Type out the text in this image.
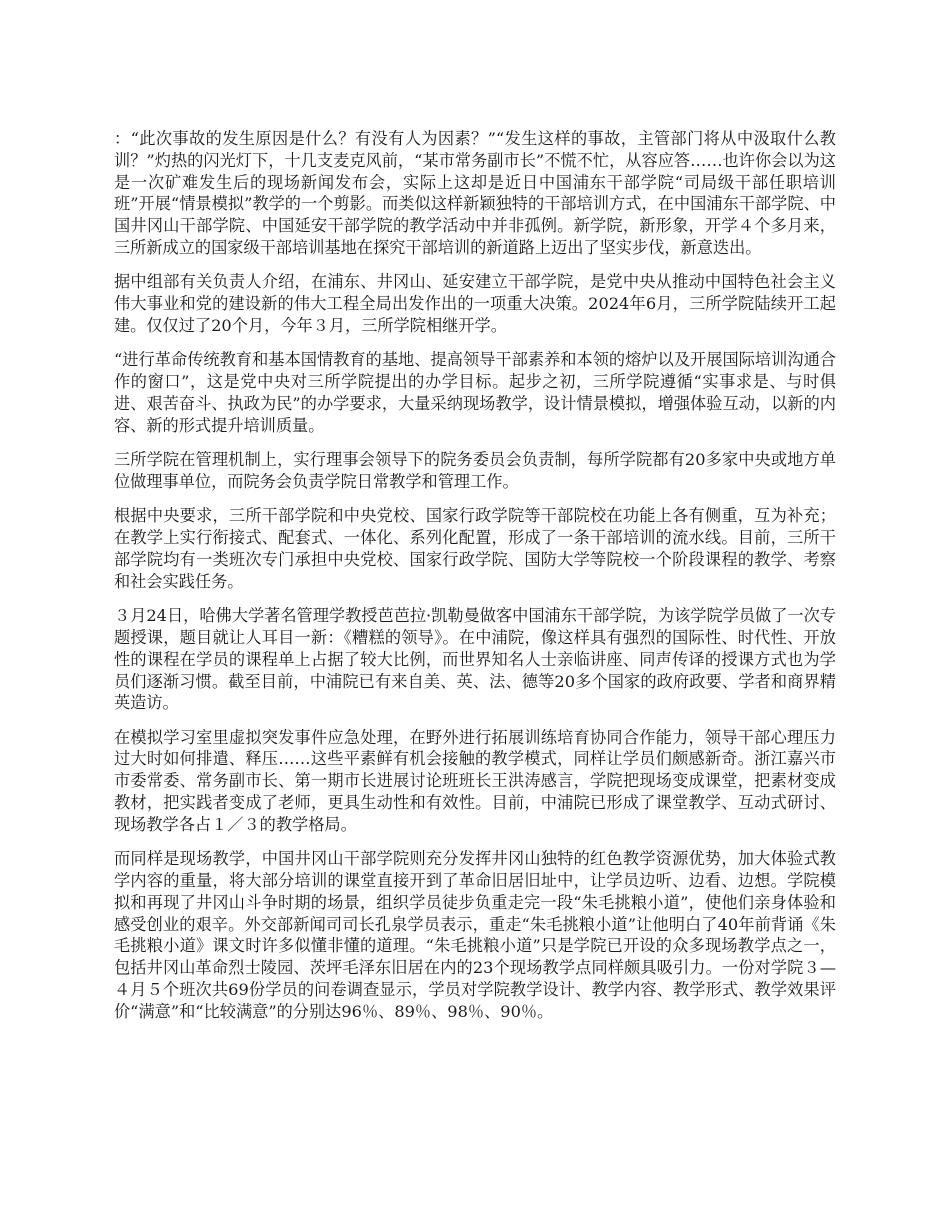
：“此次事故的发生原因是什么？有没有人为因素？”“发生这样的事故，主管部门将从中汲取什么教训？”灼热的闪光灯下，十几支麦克风前，“某市常务副市长”不慌不忙，从容应答……也许你会以为这是一次矿难发生后的现场新闻发布会，实际上这却是近日中国浦东干部学院“司局级干部任职培训班”开展“情景模拟”教学的一个剪影。而类似这样新颖独特的干部培训方式，在中国浦东干部学院、中国井冈山干部学院、中国延安干部学院的教学活动中并非孤例。新学院，新形象，开学４个多月来，三所新成立的国家级干部培训基地在探究干部培训的新道路上迈出了坚实步伐，新意迭出。

据中组部有关负责人介绍，在浦东、井冈山、延安建立干部学院，是党中央从推动中国特色社会主义伟大事业和党的建设新的伟大工程全局出发作出的一项重大决策。2024年6月，三所学院陆续开工起建。仅仅过了20个月，今年３月，三所学院相继开学。

“进行革命传统教育和基本国情教育的基地、提高领导干部素养和本领的熔炉以及开展国际培训沟通合作的窗口”，这是党中央对三所学院提出的办学目标。起步之初，三所学院遵循“实事求是、与时俱进、艰苦奋斗、执政为民”的办学要求，大量采纳现场教学，设计情景模拟，增强体验互动，以新的内容、新的形式提升培训质量。

三所学院在管理机制上，实行理事会领导下的院务委员会负责制，每所学院都有20多家中央或地方单位做理事单位，而院务会负责学院日常教学和管理工作。

根据中央要求，三所干部学院和中央党校、国家行政学院等干部院校在功能上各有侧重，互为补充；在教学上实行衔接式、配套式、一体化、系列化配置，形成了一条干部培训的流水线。目前，三所干部学院均有一类班次专门承担中央党校、国家行政学院、国防大学等院校一个阶段课程的教学、考察和社会实践任务。

３月24日，哈佛大学著名管理学教授芭芭拉·凯勒曼做客中国浦东干部学院，为该学院学员做了一次专题授课，题目就让人耳目一新：《糟糕的领导》。在中浦院，像这样具有强烈的国际性、时代性、开放性的课程在学员的课程单上占据了较大比例，而世界知名人士亲临讲座、同声传译的授课方式也为学员们逐渐习惯。截至目前，中浦院已有来自美、英、法、德等20多个国家的政府政要、学者和商界精英造访。

在模拟学习室里虚拟突发事件应急处理，在野外进行拓展训练培育协同合作能力，领导干部心理压力过大时如何排遣、释压……这些平素鲜有机会接触的教学模式，同样让学员们颇感新奇。浙江嘉兴市市委常委、常务副市长、第一期市长进展讨论班班长王洪涛感言，学院把现场变成课堂，把素材变成教材，把实践者变成了老师，更具生动性和有效性。目前，中浦院已形成了课堂教学、互动式研讨、现场教学各占１／３的教学格局。

而同样是现场教学，中国井冈山干部学院则充分发挥井冈山独特的红色教学资源优势，加大体验式教学内容的重量，将大部分培训的课堂直接开到了革命旧居旧址中，让学员边听、边看、边想。学院模拟和再现了井冈山斗争时期的场景，组织学员徒步负重走完一段“朱毛挑粮小道”，使他们亲身体验和感受创业的艰辛。外交部新闻司司长孔泉学员表示，重走“朱毛挑粮小道”让他明白了40年前背诵《朱毛挑粮小道》课文时许多似懂非懂的道理。“朱毛挑粮小道”只是学院已开设的众多现场教学点之一，包括井冈山革命烈士陵园、茨坪毛泽东旧居在内的23个现场教学点同样颇具吸引力。一份对学院３—４月５个班次共69份学员的问卷调查显示，学员对学院教学设计、教学内容、教学形式、教学效果评价“满意”和“比较满意”的分别达96％、89％、98％、90％。
